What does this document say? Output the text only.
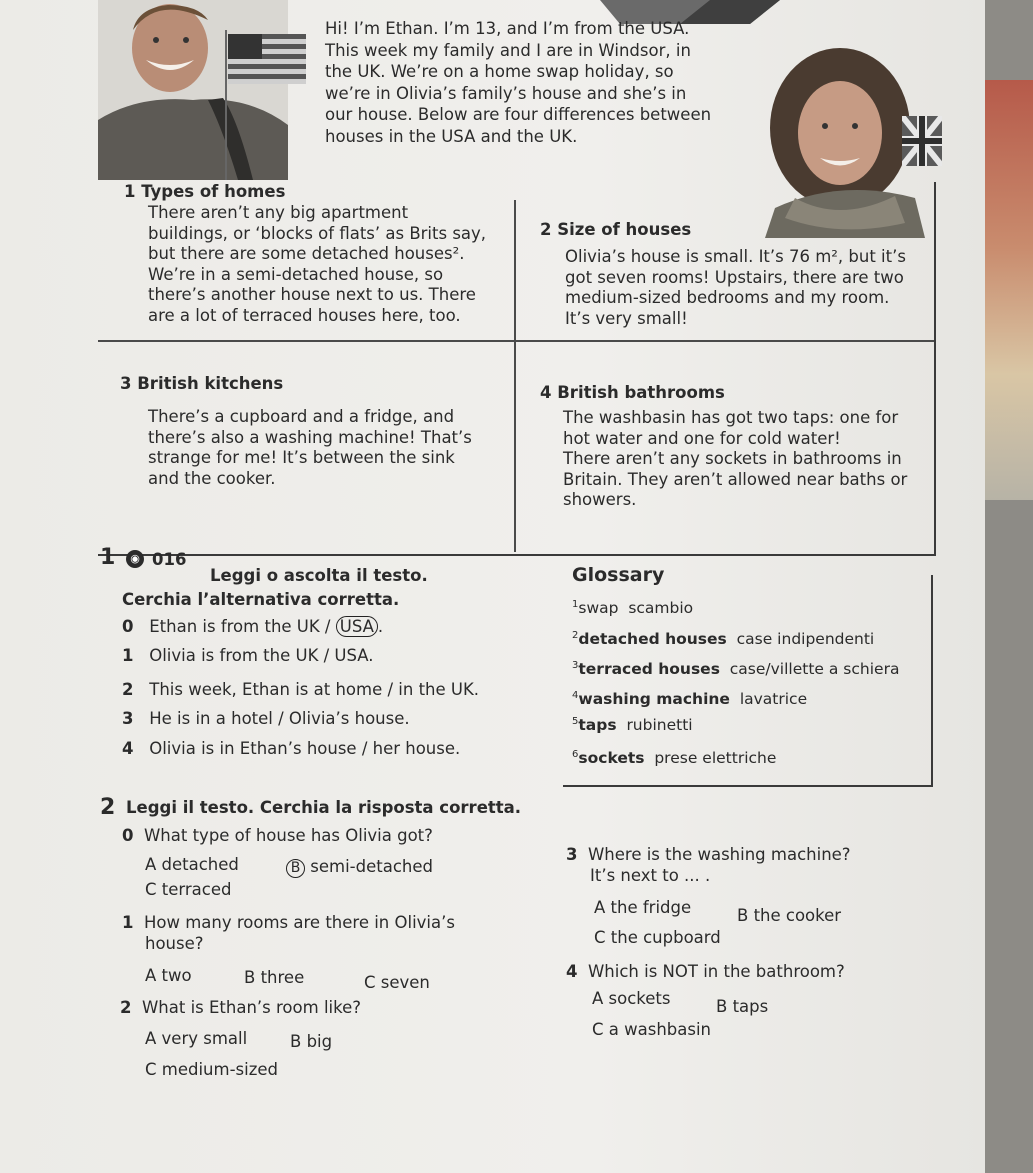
Hi! I’m Ethan. I’m 13, and I’m from the USA.
This week my family and I are in Windsor, in
the UK. We’re on a home swap holiday, so
we’re in Olivia’s family’s house and she’s in
our house. Below are four differences between
houses in the USA and the UK.
1 Types of homes
There aren’t any big apartment
buildings, or ‘blocks of flats’ as Brits say,
but there are some detached houses².
We’re in a semi-detached house, so
there’s another house next to us. There
are a lot of terraced houses here, too.
2 Size of houses
Olivia’s house is small. It’s 76 m², but it’s
got seven rooms! Upstairs, there are two
medium-sized bedrooms and my room.
It’s very small!
3 British kitchens
There’s a cupboard and a fridge, and
there’s also a washing machine! That’s
strange for me! It’s between the sink
and the cooker.
4 British bathrooms
The washbasin has got two taps: one for
hot water and one for cold water!
There aren’t any sockets in bathrooms in
Britain. They aren’t allowed near baths or
showers.
1	◉ 016
Leggi o ascolta il testo.
Cerchia l’alternativa corretta.
0 Ethan is from the UK / USA .
1 Olivia is from the UK / USA.
2 This week, Ethan is at home / in the UK.
3 He is in a hotel / Olivia’s house.
4 Olivia is in Ethan’s house / her house.
Glossary
$^1$swap scambio
$^2$detached houses case indipendenti
$^3$terraced houses case/villette a schiera
$^4$washing machine lavatrice
$^5$taps rubinetti
$^6$sockets prese elettriche
2 Leggi il testo. Cerchia la risposta corretta.
0 What type of house has Olivia got?
A detached	B semi-detached
C terraced
1 How many rooms are there in Olivia’s
house?
A two	B three	C seven
2 What is Ethan’s room like?
A very small	B big
C medium-sized
3 Where is the washing machine?
It’s next to ... .
A the fridge	B the cooker
C the cupboard
4 Which is NOT in the bathroom?
A sockets	B taps
C a washbasin
